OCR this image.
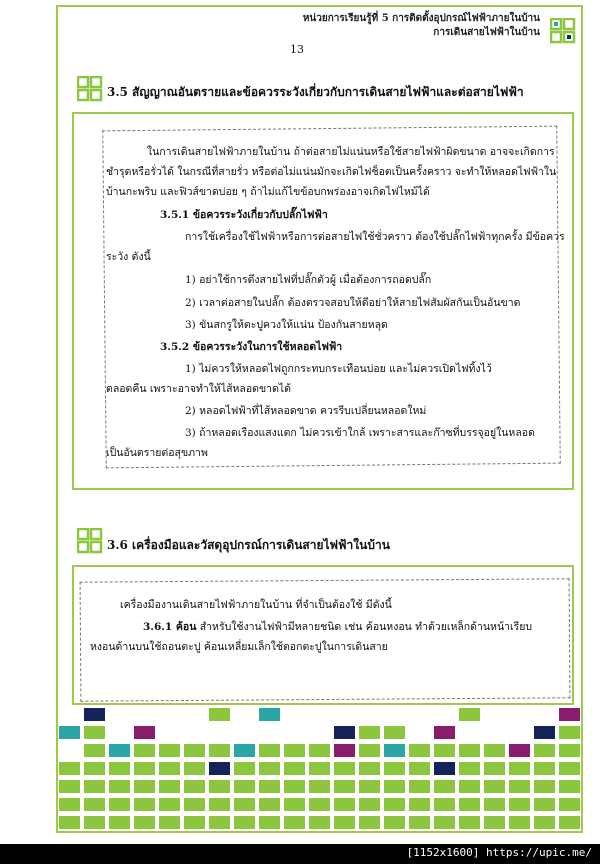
หน่วยการเรียนรู้ที่ 5 การติดตั้งอุปกรณ์ไฟฟ้าภายในบ้าน
การเดินสายไฟฟ้าในบ้าน
13
3.5 สัญญาณอันตรายและข้อควรระวังเกี่ยวกับการเดินสายไฟฟ้าและต่อสายไฟฟ้า
ในการเดินสายไฟฟ้าภายในบ้าน ถ้าต่อสายไม่แน่นหรือใช้สายไฟฟ้าผิดขนาด อาจจะเกิดการ
ชำรุดหรือรั่วได้ ในกรณีที่สายรั่ว หรือต่อไม่แน่นมักจะเกิดไฟช็อตเป็นครั้งคราว จะทำให้หลอดไฟฟ้าใน
บ้านกะพริบ และฟิวส์ขาดบ่อย ๆ ถ้าไม่แก้ไขข้อบกพร่องอาจเกิดไฟไหม้ได้
3.5.1 ข้อควรระวังเกี่ยวกับปลั๊กไฟฟ้า
การใช้เครื่องใช้ไฟฟ้าหรือการต่อสายไฟใช้ชั่วคราว ต้องใช้ปลั๊กไฟฟ้าทุกครั้ง มีข้อควร
ระวัง ดังนี้
1) อย่าใช้การดึงสายไฟที่ปลั๊กตัวผู้ เมื่อต้องการถอดปลั๊ก
2) เวลาต่อสายในปลั๊ก ต้องตรวจสอบให้ดีอย่าให้สายไฟสัมผัสกันเป็นอันขาด
3) ขันสกรูให้ตะปูควงให้แน่น ป้องกันสายหลุด
3.5.2 ข้อควรระวังในการใช้หลอดไฟฟ้า
1) ไม่ควรให้หลอดไฟถูกกระทบกระเทือนบ่อย และไม่ควรเปิดไฟทิ้งไว้
ตลอดคืน เพราะอาจทำให้ไส้หลอดขาดได้
2) หลอดไฟฟ้าที่ไส้หลอดขาด ควรรีบเปลี่ยนหลอดใหม่
3) ถ้าหลอดเรืองแสงแตก ไม่ควรเข้าใกล้ เพราะสารและก๊าซที่บรรจุอยู่ในหลอด
เป็นอันตรายต่อสุขภาพ
3.6 เครื่องมือและวัสดุอุปกรณ์การเดินสายไฟฟ้าในบ้าน
เครื่องมืองานเดินสายไฟฟ้าภายในบ้าน ที่จำเป็นต้องใช้ มีดังนี้
3.6.1 ค้อน สำหรับใช้งานไฟฟ้ามีหลายชนิด เช่น ค้อนหงอน ทำด้วยเหล็กด้านหน้าเรียบ
หงอนด้านบนใช้ถอนตะปู ค้อนเหลี่ยมเล็กใช้ตอกตะปูในการเดินสาย
[1152x1600] https://upic.me/
